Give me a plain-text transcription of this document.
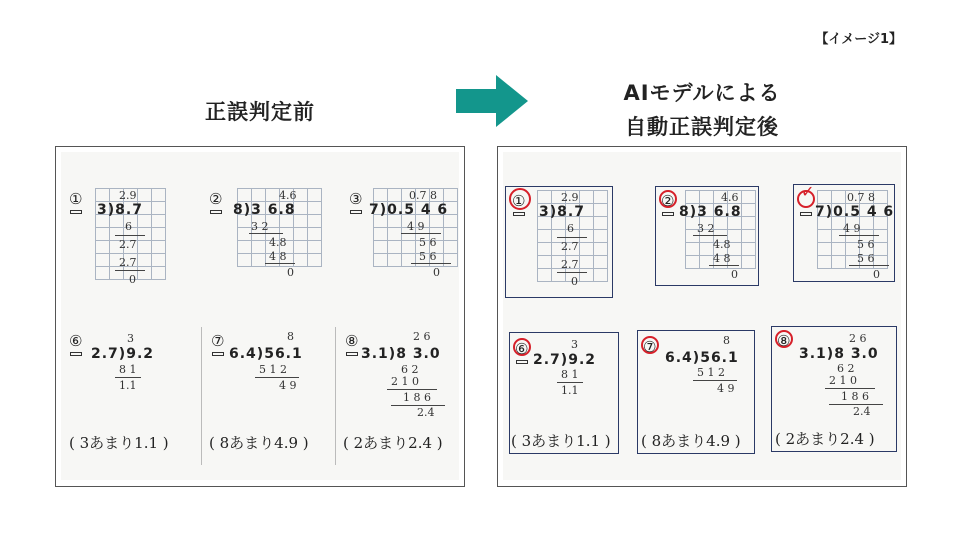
【イメージ1】
正誤判定前
AIモデルによる
自動正誤判定後
①

					2.9
3)8.7
6
2.7
2.7
0
②

						4.6
8)3 6.8
3 2
4.8
4 8
0
③

						0.7 8
7)0.5 4 6
4 9
5 6
5 6
0
⑥	3
2.7)9.2
8 1
1.1
( 3あまり1.1 )
⑦	8
6.4)56.1
5 1 2
4 9
( 8あまり4.9 )
⑧	2 6
3.1)8 3.0
6 2
2 1 0
1 8 6
2.4
( 2あまり2.4 )
①

					2.9
3)8.7
6
2.7
2.7
0
②

					4.6
8)3 6.8
3 2
4.8
4 8
0
✓

					0.7 8
7)0.5 4 6
4 9
5 6
5 6
0
⑥	3
2.7)9.2
8 1
1.1
( 3あまり1.1 )
⑦	8
6.4)56.1
5 1 2
4 9
( 8あまり4.9 )
⑧	2 6
3.1)8 3.0
6 2
2 1 0
1 8 6
2.4
( 2あまり2.4 )
